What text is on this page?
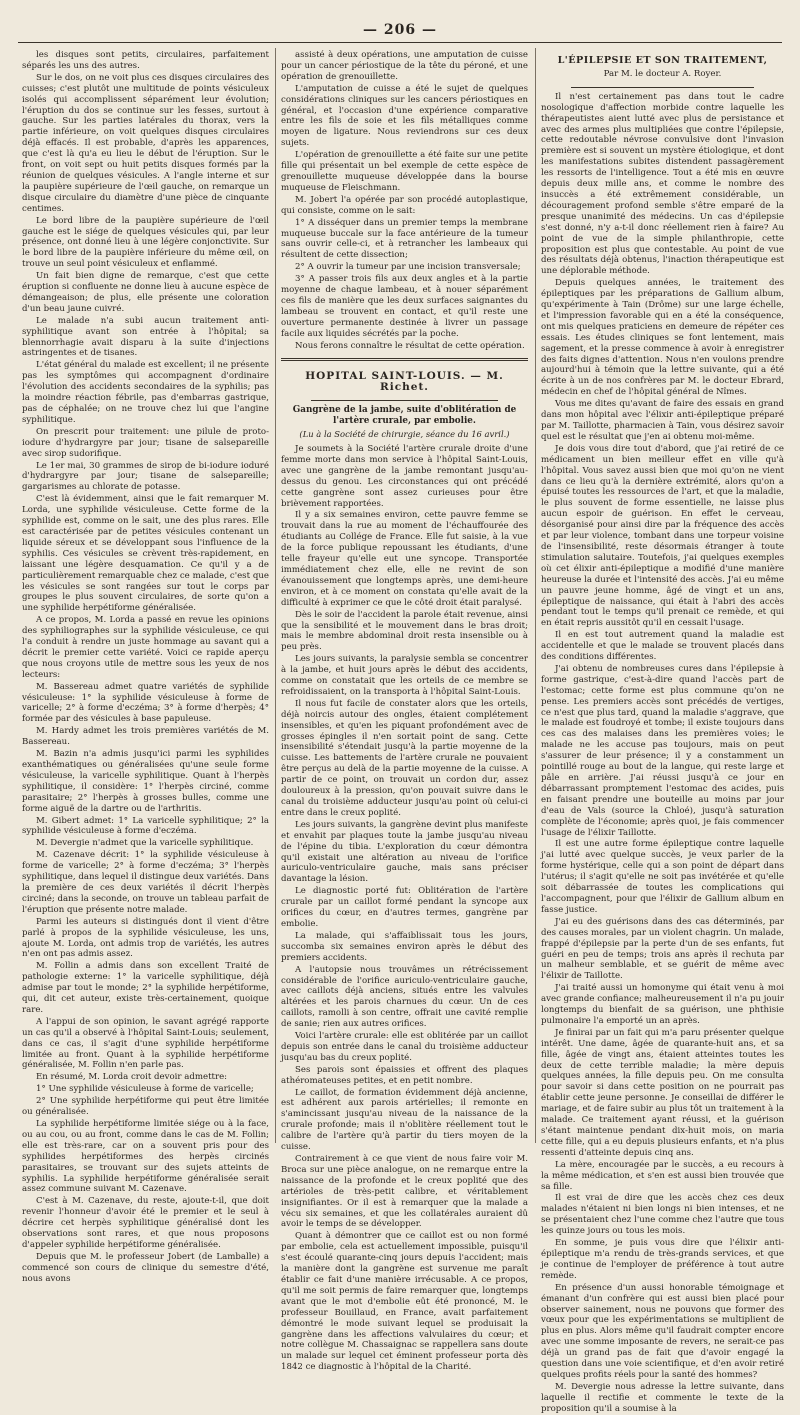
— 206 —

les disques sont petits, circulaires, parfaitement séparés les uns des autres.

Sur le dos, on ne voit plus ces disques circulaires des cuisses; c'est plutôt une multitude de points vésiculeux isolés qui accomplissent séparément leur évolution; l'éruption du dos se continue sur les fesses, surtout à gauche. Sur les parties latérales du thorax, vers la partie inférieure, on voit quelques disques circulaires déjà effacés. Il est probable, d'après les apparences, que c'est là qu'a eu lieu le début de l'éruption. Sur le front, on voit sept ou huit petits disques formés par la réunion de quelques vésicules. A l'angle interne et sur la paupière supérieure de l'œil gauche, on remarque un disque circulaire du diamètre d'une pièce de cinquante centimes.

Le bord libre de la paupière supérieure de l'œil gauche est le siége de quelques vésicules qui, par leur présence, ont donné lieu à une légère conjonctivite. Sur le bord libre de la paupière inférieure du même œil, on trouve un seul point vésiculeux et enflammé.

Un fait bien digne de remarque, c'est que cette éruption si confluente ne donne lieu à aucune espèce de démangeaison; de plus, elle présente une coloration d'un beau jaune cuivré.

Le malade n'a subi aucun traitement anti-syphilitique avant son entrée à l'hôpital; sa blennorrhagie avait disparu à la suite d'injections astringentes et de tisanes.

L'état général du malade est excellent; il ne présente pas les symptômes qui accompagnent d'ordinaire l'évolution des accidents secondaires de la syphilis; pas la moindre réaction fébrile, pas d'embarras gastrique, pas de céphalée; on ne trouve chez lui que l'angine syphilitique.

On prescrit pour traitement: une pilule de proto-iodure d'hydrargyre par jour; tisane de salsepareille avec sirop sudorifique.

Le 1er mai, 30 grammes de sirop de bi-iodure ioduré d'hydrargyre par jour; tisane de salsepareille; gargarismes au chlorate de potasse.

C'est là évidemment, ainsi que le fait remarquer M. Lorda, une syphilide vésiculeuse. Cette forme de la syphilide est, comme on le sait, une des plus rares. Elle est caractérisée par de petites vésicules contenant un liquide séreux et se développant sous l'influence de la syphilis. Ces vésicules se crèvent très-rapidement, en laissant une légère desquamation. Ce qu'il y a de particulièrement remarquable chez ce malade, c'est que les vésicules se sont rangées sur tout le corps par groupes le plus souvent circulaires, de sorte qu'on a une syphilide herpétiforme généralisée.

A ce propos, M. Lorda a passé en revue les opinions des syphiliographes sur la syphilide vésiculeuse, ce qui l'a conduit à rendre un juste hommage au savant qui a décrit le premier cette variété. Voici ce rapide aperçu que nous croyons utile de mettre sous les yeux de nos lecteurs:

M. Bassereau admet quatre variétés de syphilide vésiculeuse: 1° la syphilide vésiculeuse à forme de varicelle; 2° à forme d'eczéma; 3° à forme d'herpès; 4° formée par des vésicules à base papuleuse.

M. Hardy admet les trois premières variétés de M. Bassereau.

M. Bazin n'a admis jusqu'ici parmi les syphilides exanthématiques ou généralisées qu'une seule forme vésiculeuse, la varicelle syphilitique. Quant à l'herpès syphilitique, il considère: 1° l'herpès circiné, comme parasitaire; 2° l'herpès à grosses bulles, comme une forme aiguë de la dartre ou de l'arthritis.

M. Gibert admet: 1° La varicelle syphilitique; 2° la syphilide vésiculeuse à forme d'eczéma.

M. Devergie n'admet que la varicelle syphilitique.

M. Cazenave décrit: 1° la syphilide vésiculeuse à forme de varicelle; 2° à forme d'eczéma; 3° l'herpès syphilitique, dans lequel il distingue deux variétés. Dans la première de ces deux variétés il décrit l'herpès circiné; dans la seconde, on trouve un tableau parfait de l'éruption que présente notre malade.

Parmi les auteurs si distingués dont il vient d'être parlé à propos de la syphilide vésiculeuse, les uns, ajoute M. Lorda, ont admis trop de variétés, les autres n'en ont pas admis assez.

M. Follin a admis dans son excellent Traité de pathologie externe: 1° la varicelle syphilitique, déjà admise par tout le monde; 2° la syphilide herpétiforme, qui, dit cet auteur, existe très-certainement, quoique rare.

A l'appui de son opinion, le savant agrégé rapporte un cas qu'il a observé à l'hôpital Saint-Louis; seulement, dans ce cas, il s'agit d'une syphilide herpétiforme limitée au front. Quant à la syphilide herpétiforme généralisée, M. Follin n'en parle pas.

En résumé, M. Lorda croit devoir admettre:

1° Une syphilide vésiculeuse à forme de varicelle;

2° Une syphilide herpétiforme qui peut être limitée ou généralisée.

La syphilide herpétiforme limitée siége ou à la face, ou au cou, ou au front, comme dans le cas de M. Follin; elle est très-rare, car on a souvent pris pour des syphilides herpétiformes des herpès circinés parasitaires, se trouvant sur des sujets atteints de syphilis. La syphilide herpétiforme généralisée serait assez commune suivant M. Cazenave.

C'est à M. Cazenave, du reste, ajoute-t-il, que doit revenir l'honneur d'avoir été le premier et le seul à décrire cet herpès syphilitique généralisé dont les observations sont rares, et que nous proposons d'appeler syphilide herpétiforme généralisée.

Depuis que M. le professeur Jobert (de Lamballe) a commencé son cours de clinique du semestre d'été, nous avons

assisté à deux opérations, une amputation de cuisse pour un cancer périostique de la tête du péroné, et une opération de grenouillette.

L'amputation de cuisse a été le sujet de quelques considérations cliniques sur les cancers périostiques en général, et l'occasion d'une expérience comparative entre les fils de soie et les fils métalliques comme moyen de ligature. Nous reviendrons sur ces deux sujets.

L'opération de grenouillette a été faite sur une petite fille qui présentait un bel exemple de cette espèce de grenouillette muqueuse développée dans la bourse muqueuse de Fleischmann.

M. Jobert l'a opérée par son procédé autoplastique, qui consiste, comme on le sait:

1° A disséquer dans un premier temps la membrane muqueuse buccale sur la face antérieure de la tumeur sans ouvrir celle-ci, et à retrancher les lambeaux qui résultent de cette dissection;

2° A ouvrir la tumeur par une incision transversale;

3° A passer trois fils aux deux angles et à la partie moyenne de chaque lambeau, et à nouer séparément ces fils de manière que les deux surfaces saignantes du lambeau se trouvent en contact, et qu'il reste une ouverture permanente destinée à livrer un passage facile aux liquides sécrétés par la poche.

Nous ferons connaître le résultat de cette opération.

HOPITAL SAINT-LOUIS. — M. Richet.
Gangrène de la jambe, suite d'oblitération de l'artère crurale, par embolie.
(Lu à la Société de chirurgie, séance du 16 avril.)

Je soumets à la Société l'artère crurale droite d'une femme morte dans mon service à l'hôpital Saint-Louis, avec une gangrène de la jambe remontant jusqu'au-dessus du genou. Les circonstances qui ont précédé cette gangrène sont assez curieuses pour être brièvement rapportées.

Il y a six semaines environ, cette pauvre femme se trouvait dans la rue au moment de l'échauffourée des étudiants au Collége de France. Elle fut saisie, à la vue de la force publique repoussant les étudiants, d'une telle frayeur qu'elle eut une syncope. Transportée immédiatement chez elle, elle ne revint de son évanouissement que longtemps après, une demi-heure environ, et à ce moment on constata qu'elle avait de la difficulté à exprimer ce que le côté droit était paralysé.

Dès le soir de l'accident la parole était revenue, ainsi que la sensibilité et le mouvement dans le bras droit; mais le membre abdominal droit resta insensible ou à peu près.

Les jours suivants, la paralysie sembla se concentrer à la jambe, et huit jours après le début des accidents, comme on constatait que les orteils de ce membre se refroidissaient, on la transporta à l'hôpital Saint-Louis.

Il nous fut facile de constater alors que les orteils, déjà noircis autour des ongles, étaient complétement insensibles, et qu'en les piquant profondément avec de grosses épingles il n'en sortait point de sang. Cette insensibilité s'étendait jusqu'à la partie moyenne de la cuisse. Les battements de l'artère crurale ne pouvaient être perçus au delà de la partie moyenne de la cuisse. A partir de ce point, on trouvait un cordon dur, assez douloureux à la pression, qu'on pouvait suivre dans le canal du troisième adducteur jusqu'au point où celui-ci entre dans le creux poplité.

Les jours suivants, la gangrène devint plus manifeste et envahit par plaques toute la jambe jusqu'au niveau de l'épine du tibia. L'exploration du cœur démontra qu'il existait une altération au niveau de l'orifice auriculo-ventriculaire gauche, mais sans préciser davantage la lésion.

Le diagnostic porté fut: Oblitération de l'artère crurale par un caillot formé pendant la syncope aux orifices du cœur, en d'autres termes, gangrène par embolie.

La malade, qui s'affaiblissait tous les jours, succomba six semaines environ après le début des premiers accidents.

A l'autopsie nous trouvâmes un rétrécissement considérable de l'orifice auriculo-ventriculaire gauche, avec caillots déjà anciens, situés entre les valvules altérées et les parois charnues du cœur. Un de ces caillots, ramolli à son centre, offrait une cavité remplie de sanie; rien aux autres orifices.

Voici l'artère crurale: elle est oblitérée par un caillot depuis son entrée dans le canal du troisième adducteur jusqu'au bas du creux poplité.

Ses parois sont épaissies et offrent des plaques athéromateuses petites, et en petit nombre.

Le caillot, de formation évidemment déjà ancienne, est adhérent aux parois artérielles; il remonte en s'amincissant jusqu'au niveau de la naissance de la crurale profonde; mais il n'oblitère réellement tout le calibre de l'artère qu'à partir du tiers moyen de la cuisse.

Contrairement à ce que vient de nous faire voir M. Broca sur une pièce analogue, on ne remarque entre la naissance de la profonde et le creux poplité que des artérioles de très-petit calibre, et véritablement insignifiantes. Or il est à remarquer que la malade a vécu six semaines, et que les collatérales auraient dû avoir le temps de se développer.

Quant à démontrer que ce caillot est ou non formé par embolie, cela est actuellement impossible, puisqu'il s'est écoulé quarante-cinq jours depuis l'accident; mais la manière dont la gangrène est survenue me paraît établir ce fait d'une manière irrécusable. A ce propos, qu'il me soit permis de faire remarquer que, longtemps avant que le mot d'embolie eût été prononcé, M. le professeur Bouillaud, en France, avait parfaitement démontré le mode suivant lequel se produisait la gangrène dans les affections valvulaires du cœur; et notre collègue M. Chassaignac se rappellera sans doute un malade sur lequel cet éminent professeur porta dès 1842 ce diagnostic à l'hôpital de la Charité.

L'ÉPILEPSIE ET SON TRAITEMENT,
Par M. le docteur A. Royer.

Il n'est certainement pas dans tout le cadre nosologique d'affection morbide contre laquelle les thérapeutistes aient lutté avec plus de persistance et avec des armes plus multipliées que contre l'épilepsie, cette redoutable névrose convulsive dont l'invasion première est si souvent un mystère étiologique, et dont les manifestations subites distendent passagèrement les ressorts de l'intelligence. Tout a été mis en œuvre depuis deux mille ans, et comme le nombre des insuccès a été extrêmement considérable, un découragement profond semble s'être emparé de la presque unanimité des médecins. Un cas d'épilepsie s'est donné, n'y a-t-il donc réellement rien à faire? Au point de vue de la simple philanthropie, cette proposition est plus que contestable. Au point de vue des résultats déjà obtenus, l'inaction thérapeutique est une déplorable méthode.

Depuis quelques années, le traitement des épileptiques par les préparations de Gallium album, qu'expérimente à Tain (Drôme) sur une large échelle, et l'impression favorable qui en a été la conséquence, ont mis quelques praticiens en demeure de répéter ces essais. Les études cliniques se font lentement, mais sagement, et la presse commence à avoir à enregistrer des faits dignes d'attention. Nous n'en voulons prendre aujourd'hui à témoin que la lettre suivante, qui a été écrite à un de nos confrères par M. le docteur Ebrard, médecin en chef de l'hôpital général de Nîmes.

Vous me dites qu'avant de faire des essais en grand dans mon hôpital avec l'élixir anti-épileptique préparé par M. Taillotte, pharmacien à Tain, vous désirez savoir quel est le résultat que j'en ai obtenu moi-même.

Je dois vous dire tout d'abord, que j'ai retiré de ce médicament un bien meilleur effet en ville qu'à l'hôpital. Vous savez aussi bien que moi qu'on ne vient dans ce lieu qu'à la dernière extrémité, alors qu'on a épuisé toutes les ressources de l'art, et que la maladie, le plus souvent de forme essentielle, ne laisse plus aucun espoir de guérison. En effet le cerveau, désorganisé pour ainsi dire par la fréquence des accès et par leur violence, tombant dans une torpeur voisine de l'insensibilité, reste désormais étranger à toute stimulation salutaire. Toutefois, j'ai quelques exemples où cet élixir anti-épileptique a modifié d'une manière heureuse la durée et l'intensité des accès. J'ai eu même un pauvre jeune homme, âgé de vingt et un ans, épileptique de naissance, qui était à l'abri des accès pendant tout le temps qu'il prenait ce remède, et qui en était repris aussitôt qu'il en cessait l'usage.

Il en est tout autrement quand la maladie est accidentelle et que le malade se trouvent placés dans des conditions différentes.

J'ai obtenu de nombreuses cures dans l'épilepsie à forme gastrique, c'est-à-dire quand l'accès part de l'estomac; cette forme est plus commune qu'on ne pense. Les premiers accès sont précédés de vertiges, ce n'est que plus tard, quand la maladie s'aggrave, que le malade est foudroyé et tombe; il existe toujours dans ces cas des malaises dans les premières voies; le malade ne les accuse pas toujours, mais on peut s'assurer de leur présence; il y a constamment un pointillé rouge au bout de la langue, qui reste large et pâle en arrière. J'ai réussi jusqu'à ce jour en débarrassant promptement l'estomac des acides, puis en faisant prendre une bouteille au moins par jour d'eau de Vals (source la Chloé), jusqu'à saturation complète de l'économie; après quoi, je fais commencer l'usage de l'élixir Taillotte.

Il est une autre forme épileptique contre laquelle j'ai lutté avec quelque succès, je veux parler de la forme hystérique, celle qui a son point de départ dans l'utérus; il s'agit qu'elle ne soit pas invétérée et qu'elle soit débarrassée de toutes les complications qui l'accompagnent, pour que l'élixir de Gallium album en fasse justice.

J'ai eu des guérisons dans des cas déterminés, par des causes morales, par un violent chagrin. Un malade, frappé d'épilepsie par la perte d'un de ses enfants, fut guéri en peu de temps; trois ans après il rechuta par un malheur semblable, et se guérit de même avec l'élixir de Taillotte.

J'ai traité aussi un homonyme qui était venu à moi avec grande confiance; malheureusement il n'a pu jouir longtemps du bienfait de sa guérison, une phthisie pulmonaire l'a emporté un an après.

Je finirai par un fait qui m'a paru présenter quelque intérêt. Une dame, âgée de quarante-huit ans, et sa fille, âgée de vingt ans, étaient atteintes toutes les deux de cette terrible maladie; la mère depuis quelques années, la fille depuis peu. On me consulta pour savoir si dans cette position on ne pourrait pas établir cette jeune personne. Je conseillai de différer le mariage, et de faire subir au plus tôt un traitement à la malade. Ce traitement ayant réussi, et la guérison s'étant maintenue pendant dix-huit mois, on maria cette fille, qui a eu depuis plusieurs enfants, et n'a plus ressenti d'atteinte depuis cinq ans.

La mère, encouragée par le succès, a eu recours à la même médication, et s'en est aussi bien trouvée que sa fille.

Il est vrai de dire que les accès chez ces deux malades n'étaient ni bien longs ni bien intenses, et ne se présentaient chez l'une comme chez l'autre que tous les quinze jours ou tous les mois.

En somme, je puis vous dire que l'élixir anti-épileptique m'a rendu de très-grands services, et que je continue de l'employer de préférence à tout autre remède.

En présence d'un aussi honorable témoignage et émanant d'un confrère qui est aussi bien placé pour observer sainement, nous ne pouvons que former des vœux pour que les expérimentations se multiplient de plus en plus. Alors même qu'il faudrait compter encore avec une somme imposante de revers, ne serait-ce pas déjà un grand pas de fait que d'avoir engagé la question dans une voie scientifique, et d'en avoir retiré quelques profits réels pour la santé des hommes?

M. Devergie nous adresse la lettre suivante, dans laquelle il rectifie et commente le texte de la proposition qu'il a soumise à la
